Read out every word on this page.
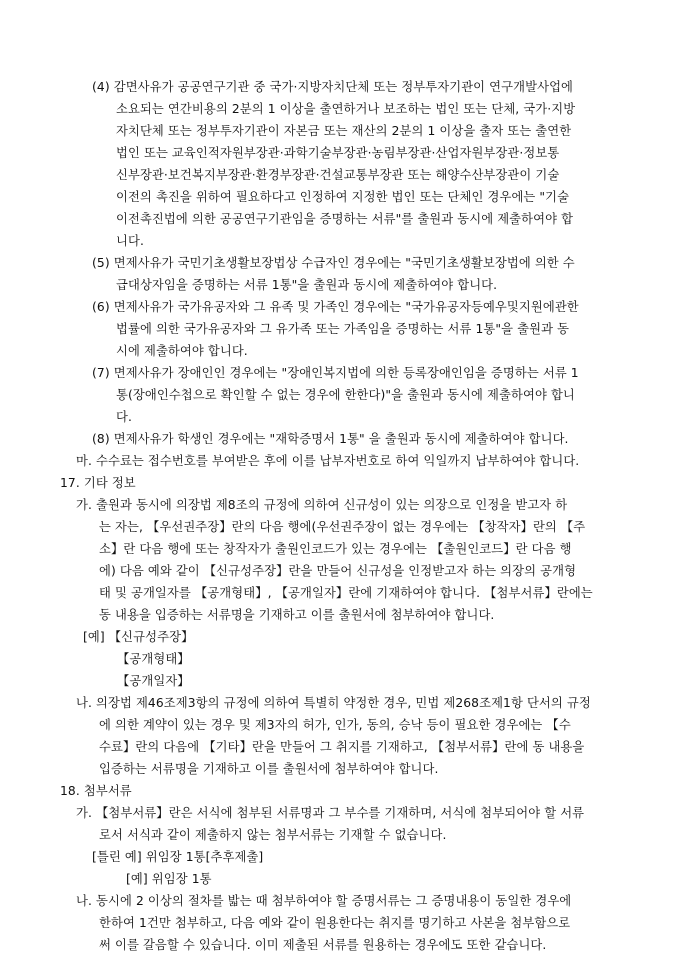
(4) 감면사유가 공공연구기관 중 국가·지방자치단체 또는 정부투자기관이 연구개발사업에
소요되는 연간비용의 2분의 1 이상을 출연하거나 보조하는 법인 또는 단체, 국가·지방
자치단체 또는 정부투자기관이 자본금 또는 재산의 2분의 1 이상을 출자 또는 출연한
법인 또는 교육인적자원부장관·과학기술부장관·농림부장관·산업자원부장관·정보통
신부장관·보건복지부장관·환경부장관·건설교통부장관 또는 해양수산부장관이 기술
이전의 촉진을 위하여 필요하다고 인정하여 지정한 법인 또는 단체인 경우에는 "기술
이전촉진법에 의한 공공연구기관임을 증명하는 서류"를 출원과 동시에 제출하여야 합
니다.
(5) 면제사유가 국민기초생활보장법상 수급자인 경우에는 "국민기초생활보장법에 의한 수
급대상자임을 증명하는 서류 1통"을 출원과 동시에 제출하여야 합니다.
(6) 면제사유가 국가유공자와 그 유족 및 가족인 경우에는 "국가유공자등예우및지원에관한
법률에 의한 국가유공자와 그 유가족 또는 가족임을 증명하는 서류 1통"을 출원과 동
시에 제출하여야 합니다.
(7) 면제사유가 장애인인 경우에는 "장애인복지법에 의한 등록장애인임을 증명하는 서류 1
통(장애인수첩으로 확인할 수 없는 경우에 한한다)"을 출원과 동시에 제출하여야 합니
다.
(8) 면제사유가 학생인 경우에는 "재학증명서 1통" 을 출원과 동시에 제출하여야 합니다.
마. 수수료는 접수번호를 부여받은 후에 이를 납부자번호로 하여 익일까지 납부하여야 합니다.
17. 기타 정보
가. 출원과 동시에 의장법 제8조의 규정에 의하여 신규성이 있는 의장으로 인정을 받고자 하
는 자는, 【우선권주장】란의 다음 행에(우선권주장이 없는 경우에는 【창작자】란의 【주
소】란 다음 행에 또는 창작자가 출원인코드가 있는 경우에는 【출원인코드】란 다음 행
에) 다음 예와 같이 【신규성주장】란을 만들어 신규성을 인정받고자 하는 의장의 공개형
태 및 공개일자를 【공개형태】, 【공개일자】란에 기재하여야 합니다. 【첨부서류】란에는
동 내용을 입증하는 서류명을 기재하고 이를 출원서에 첨부하여야 합니다.
[예] 【신규성주장】
【공개형태】
【공개일자】
나. 의장법 제46조제3항의 규정에 의하여 특별히 약정한 경우, 민법 제268조제1항 단서의 규정
에 의한 계약이 있는 경우 및 제3자의 허가, 인가, 동의, 승낙 등이 필요한 경우에는 【수
수료】란의 다음에 【기타】란을 만들어 그 취지를 기재하고, 【첨부서류】란에 동 내용을
입증하는 서류명을 기재하고 이를 출원서에 첨부하여야 합니다.
18. 첨부서류
가. 【첨부서류】란은 서식에 첨부된 서류명과 그 부수를 기재하며, 서식에 첨부되어야 할 서류
로서 서식과 같이 제출하지 않는 첨부서류는 기재할 수 없습니다.
[틀린 예] 위임장 1통[추후제출]
[예] 위임장 1통
나. 동시에 2 이상의 절차를 밟는 때 첨부하여야 할 증명서류는 그 증명내용이 동일한 경우에
한하여 1건만 첨부하고, 다음 예와 같이 원용한다는 취지를 명기하고 사본을 첨부함으로
써 이를 갈음할 수 있습니다. 이미 제출된 서류를 원용하는 경우에도 또한 같습니다.
